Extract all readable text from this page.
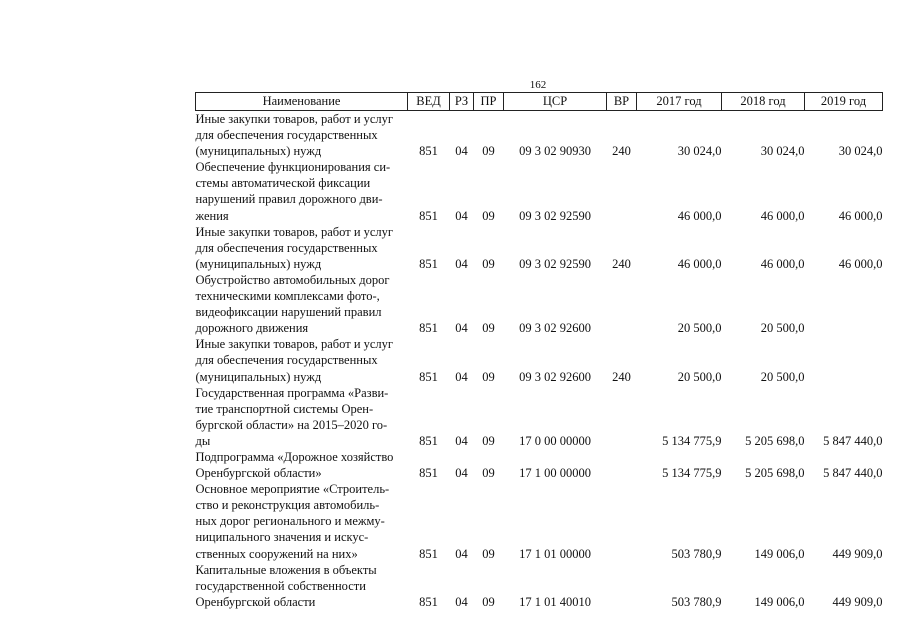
162
Наименование	ВЕД	РЗ	ПР	ЦСР	ВР	2017 год	2018 год	2019 год

Иные закупки товаров, работ и услуг
для обеспечения государственных
(муниципальных) нужд	851	04	09	09 3 02 90930	240	30 024,0	30 024,0	30 024,0

Обеспечение функционирования си-
стемы автоматической фиксации
нарушений правил дорожного дви-
жения	851	04	09	09 3 02 92590		46 000,0	46 000,0	46 000,0

Иные закупки товаров, работ и услуг
для обеспечения государственных
(муниципальных) нужд	851	04	09	09 3 02 92590	240	46 000,0	46 000,0	46 000,0

Обустройство автомобильных дорог
техническими комплексами фото-,
видеофиксации нарушений правил
дорожного движения	851	04	09	09 3 02 92600		20 500,0	20 500,0	

Иные закупки товаров, работ и услуг
для обеспечения государственных
(муниципальных) нужд	851	04	09	09 3 02 92600	240	20 500,0	20 500,0	

Государственная программа «Разви-
тие транспортной системы Орен-
бургской области» на 2015–2020 го-
ды	851	04	09	17 0 00 00000		5 134 775,9	5 205 698,0	5 847 440,0

Подпрограмма «Дорожное хозяйство
Оренбургской области»	851	04	09	17 1 00 00000		5 134 775,9	5 205 698,0	5 847 440,0

Основное мероприятие «Строитель-
ство и реконструкция автомобиль-
ных дорог регионального и межму-
ниципального значения и искус-
ственных сооружений на них»	851	04	09	17 1 01 00000		503 780,9	149 006,0	449 909,0

Капитальные вложения в объекты
государственной собственности
Оренбургской области	851	04	09	17 1 01 40010		503 780,9	149 006,0	449 909,0
